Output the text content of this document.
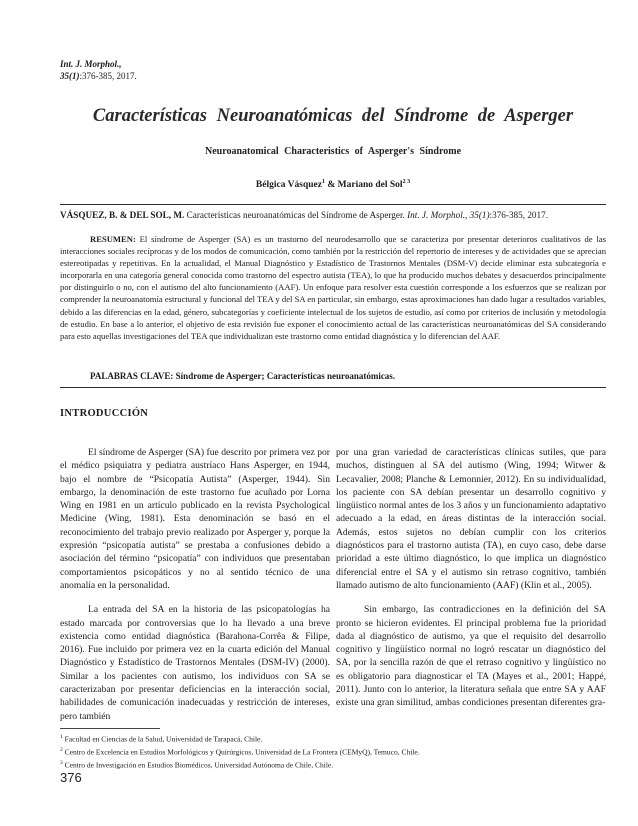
Int. J. Morphol.,
35(1):376-385, 2017.
Características Neuroanatómicas del Síndrome de Asperger
Neuroanatomical Characteristics of Asperger's Síndrome
Bélgica Vásquez$^1$ & Mariano del Sol$^{2 3}$
VÁSQUEZ, B. & DEL SOL, M. Características neuroanatómicas del Síndrome de Asperger. Int. J. Morphol., 35(1):376-385, 2017.

RESUMEN: El síndrome de Asperger (SA) es un trastorno del neurodesarrollo que se caracteriza por presentar deterioros cualitativos de las interacciones sociales recíprocas y de los modos de comunicación, como también por la restricción del repertorio de intereses y de actividades que se aprecian estereotipadas y repetitivas. En la actualidad, el Manual Diagnóstico y Estadístico de Trastornos Mentales (DSM-V) decide eliminar esta subcategoría e incorporarla en una categoría general conocida como trastorno del espectro autista (TEA), lo que ha producido muchos debates y desacuerdos principalmente por distinguirlo o no, con el autismo del alto funcionamiento (AAF). Un enfoque para resolver esta cuestión corresponde a los esfuerzos que se realizan por comprender la neuroanatomía estructural y funcional del TEA y del SA en particular, sin embargo, estas aproximaciones han dado lugar a resultados variables, debido a las diferencias en la edad, género, subcategorías y coeficiente intelectual de los sujetos de estudio, así como por criterios de inclusión y metodología de estudio. En base a lo anterior, el objetivo de esta revisión fue exponer el conocimiento actual de las características neuroanatómicas del SA considerando para esto aquellas investigaciones del TEA que individualizan este trastorno como entidad diagnóstica y lo diferencian del AAF.

PALABRAS CLAVE: Síndrome de Asperger; Características neuroanatómicas.
INTRODUCCIÓN

El síndrome de Asperger (SA) fue descrito por primera vez por el médico psiquiatra y pediatra austríaco Hans Asperger, en 1944, bajo el nombre de “Psicopatía Autista” (Asperger, 1944). Sin embargo, la denominación de este trastorno fue acuñado por Lorna Wing en 1981 en un artículo publicado en la revista Psychological Medicine (Wing, 1981). Esta denominación se basó en el reconocimiento del trabajo previo realizado por Asperger y, porque la expresión “psicopatía autista” se prestaba a confusiones debido a asociación del término “psicopatía” con individuos que presentaban comportamientos psicopáticos y no al sentido técnico de una anomalía en la personalidad.

La entrada del SA en la historia de las psicopatologías ha estado marcada por controversias que lo ha llevado a una breve existencia como entidad diagnóstica (Barahona-Corrêa & Filipe, 2016). Fue incluido por primera vez en la cuarta edición del Manual Diagnóstico y Estadístico de Trastornos Mentales (DSM-IV) (2000). Similar a los pacientes con autismo, los individuos con SA se caracterizaban por presentar deficiencias en la interacción social, habilidades de comunicación inadecuadas y restricción de intereses, pero también

por una gran variedad de características clínicas sutiles, que para muchos, distinguen al SA del autismo (Wing, 1994; Witwer & Lecavalier, 2008; Planche & Lemonnier, 2012). En su individualidad, los paciente con SA debían presentar un desarrollo cognitivo y lingüístico normal antes de los 3 años y un funcionamiento adaptativo adecuado a la edad, en áreas distintas de la interacción social. Además, estos sujetos no debían cumplir con los criterios diagnósticos para el trastorno autista (TA), en cuyo caso, debe darse prioridad a este último diagnóstico, lo que implica un diagnóstico diferencial entre el SA y el autismo sin retraso cognitivo, también llamado autismo de alto funcionamiento (AAF) (Klin et al., 2005).

Sin embargo, las contradicciones en la definición del SA pronto se hicieron evidentes. El principal problema fue la prioridad dada al diagnóstico de autismo, ya que el requisito del desarrollo cognitivo y lingüístico normal no logró rescatar un diagnóstico del SA, por la sencilla razón de que el retraso cognitivo y lingüístico no es obligatorio para diagnosticar el TA (Mayes et al., 2001; Happé, 2011). Junto con lo anterior, la literatura señala que entre SA y AAF existe una gran similitud, ambas condiciones presentan diferentes gra-

$^1$ Facultad en Ciencias de la Salud, Universidad de Tarapacá, Chile.
$^2$ Centro de Excelencia en Estudios Morfológicos y Quirúrgicos, Universidad de La Frontera (CEMyQ), Temuco, Chile.
$^3$ Centro de Investigación en Estudios Biomédicos, Universidad Autónoma de Chile, Chile.
376
